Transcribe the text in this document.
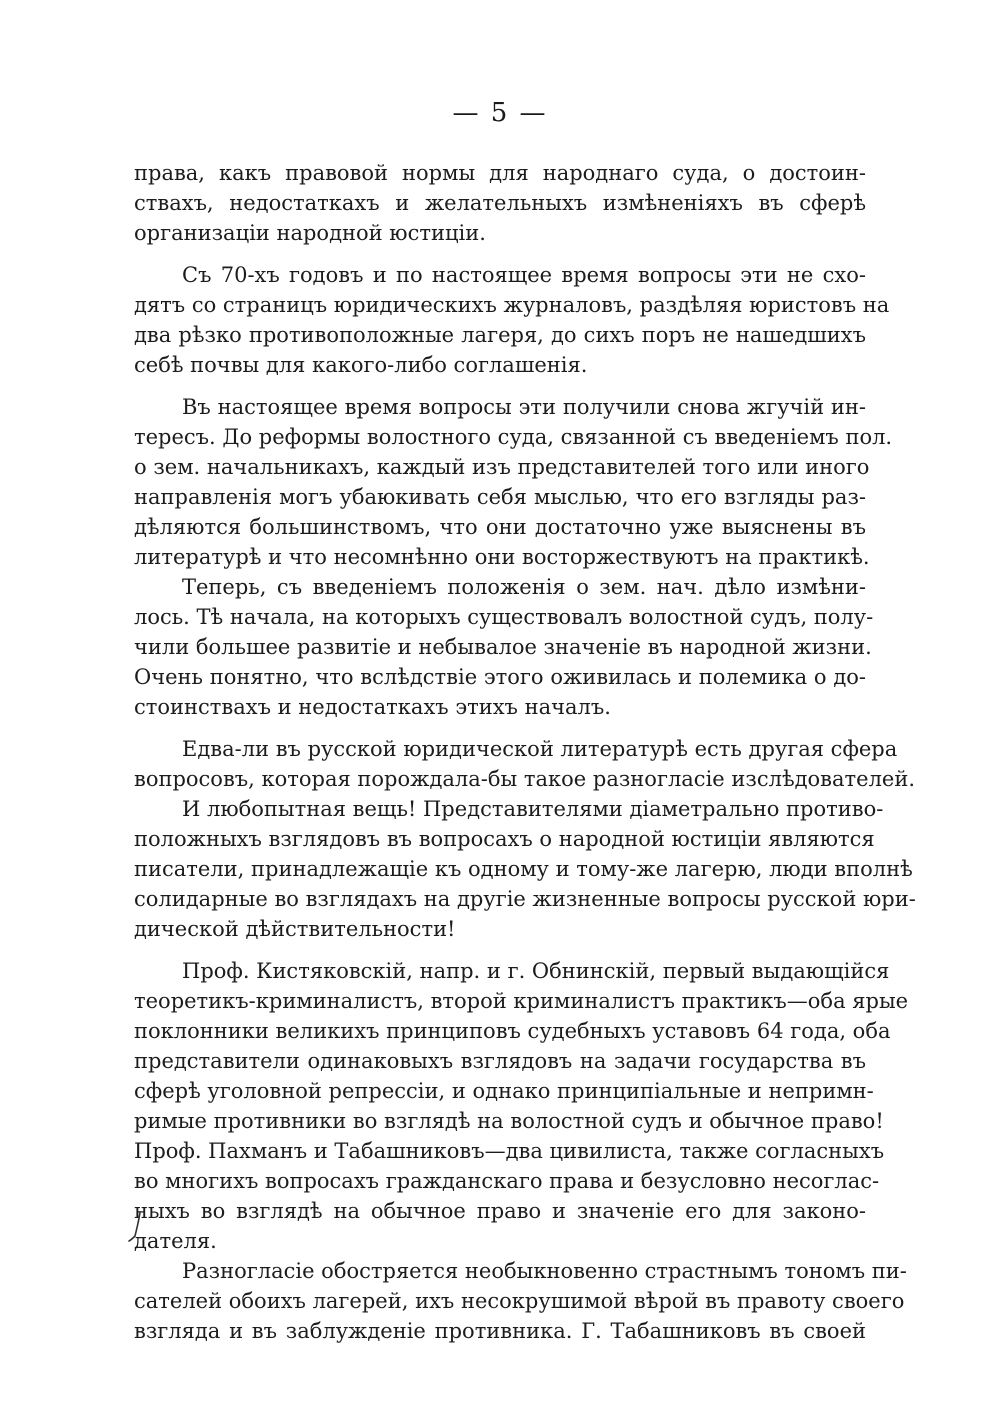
— 5 —
права, какъ правовой нормы для народнаго суда, о достоин-
ствахъ, недостаткахъ и желательныхъ измѣненіяхъ въ сферѣ
организаціи народной юстиціи.
Съ 70-хъ годовъ и по настоящее время вопросы эти не схо-
дятъ со страницъ юридическихъ журналовъ, раздѣляя юристовъ на
два рѣзко противоположные лагеря, до сихъ поръ не нашедшихъ
себѣ почвы для какого-либо соглашенія.
Въ настоящее время вопросы эти получили снова жгучій ин-
тересъ. До реформы волостного суда, связанной съ введеніемъ пол.
о зем. начальникахъ, каждый изъ представителей того или иного
направленія могъ убаюкивать себя мыслью, что его взгляды раз-
дѣляются большинствомъ, что они достаточно уже выяснены въ
литературѣ и что несомнѣнно они восторжествуютъ на практикѣ.
Теперь, съ введеніемъ положенія о зем. нач. дѣло измѣни-
лось. Тѣ начала, на которыхъ существовалъ волостной судъ, полу-
чили большее развитіе и небывалое значеніе въ народной жизни.
Очень понятно, что вслѣдствіе этого оживилась и полемика о до-
стоинствахъ и недостаткахъ этихъ началъ.
Едва-ли въ русской юридической литературѣ есть другая сфера
вопросовъ, которая порождала-бы такое разногласіе изслѣдователей.
И любопытная вещь! Представителями діаметрально противо-
положныхъ взглядовъ въ вопросахъ о народной юстиціи являются
писатели, принадлежащіе къ одному и тому-же лагерю, люди вполнѣ
солидарные во взглядахъ на другіе жизненные вопросы русской юри-
дической дѣйствительности!
Проф. Кистяковскій, напр. и г. Обнинскій, первый выдающійся
теоретикъ-криминалистъ, второй криминалистъ практикъ—оба ярые
поклонники великихъ принциповъ судебныхъ уставовъ 64 года, оба
представители одинаковыхъ взглядовъ на задачи государства въ
сферѣ уголовной репрессіи, и однако принципіальные и непримн-
римые противники во взглядѣ на волостной судъ и обычное право!
Проф. Пахманъ и Табашниковъ—два цивилиста, также согласныхъ
во многихъ вопросахъ гражданскаго права и безусловно несоглас-
ныхъ во взглядѣ на обычное право и значеніе его для законо-
дателя.
Разногласіе обостряется необыкновенно страстнымъ тономъ пи-
сателей обоихъ лагерей, ихъ несокрушимой вѣрой въ правоту своего
взгляда и въ заблужденіе противника. Г. Табашниковъ въ своей
